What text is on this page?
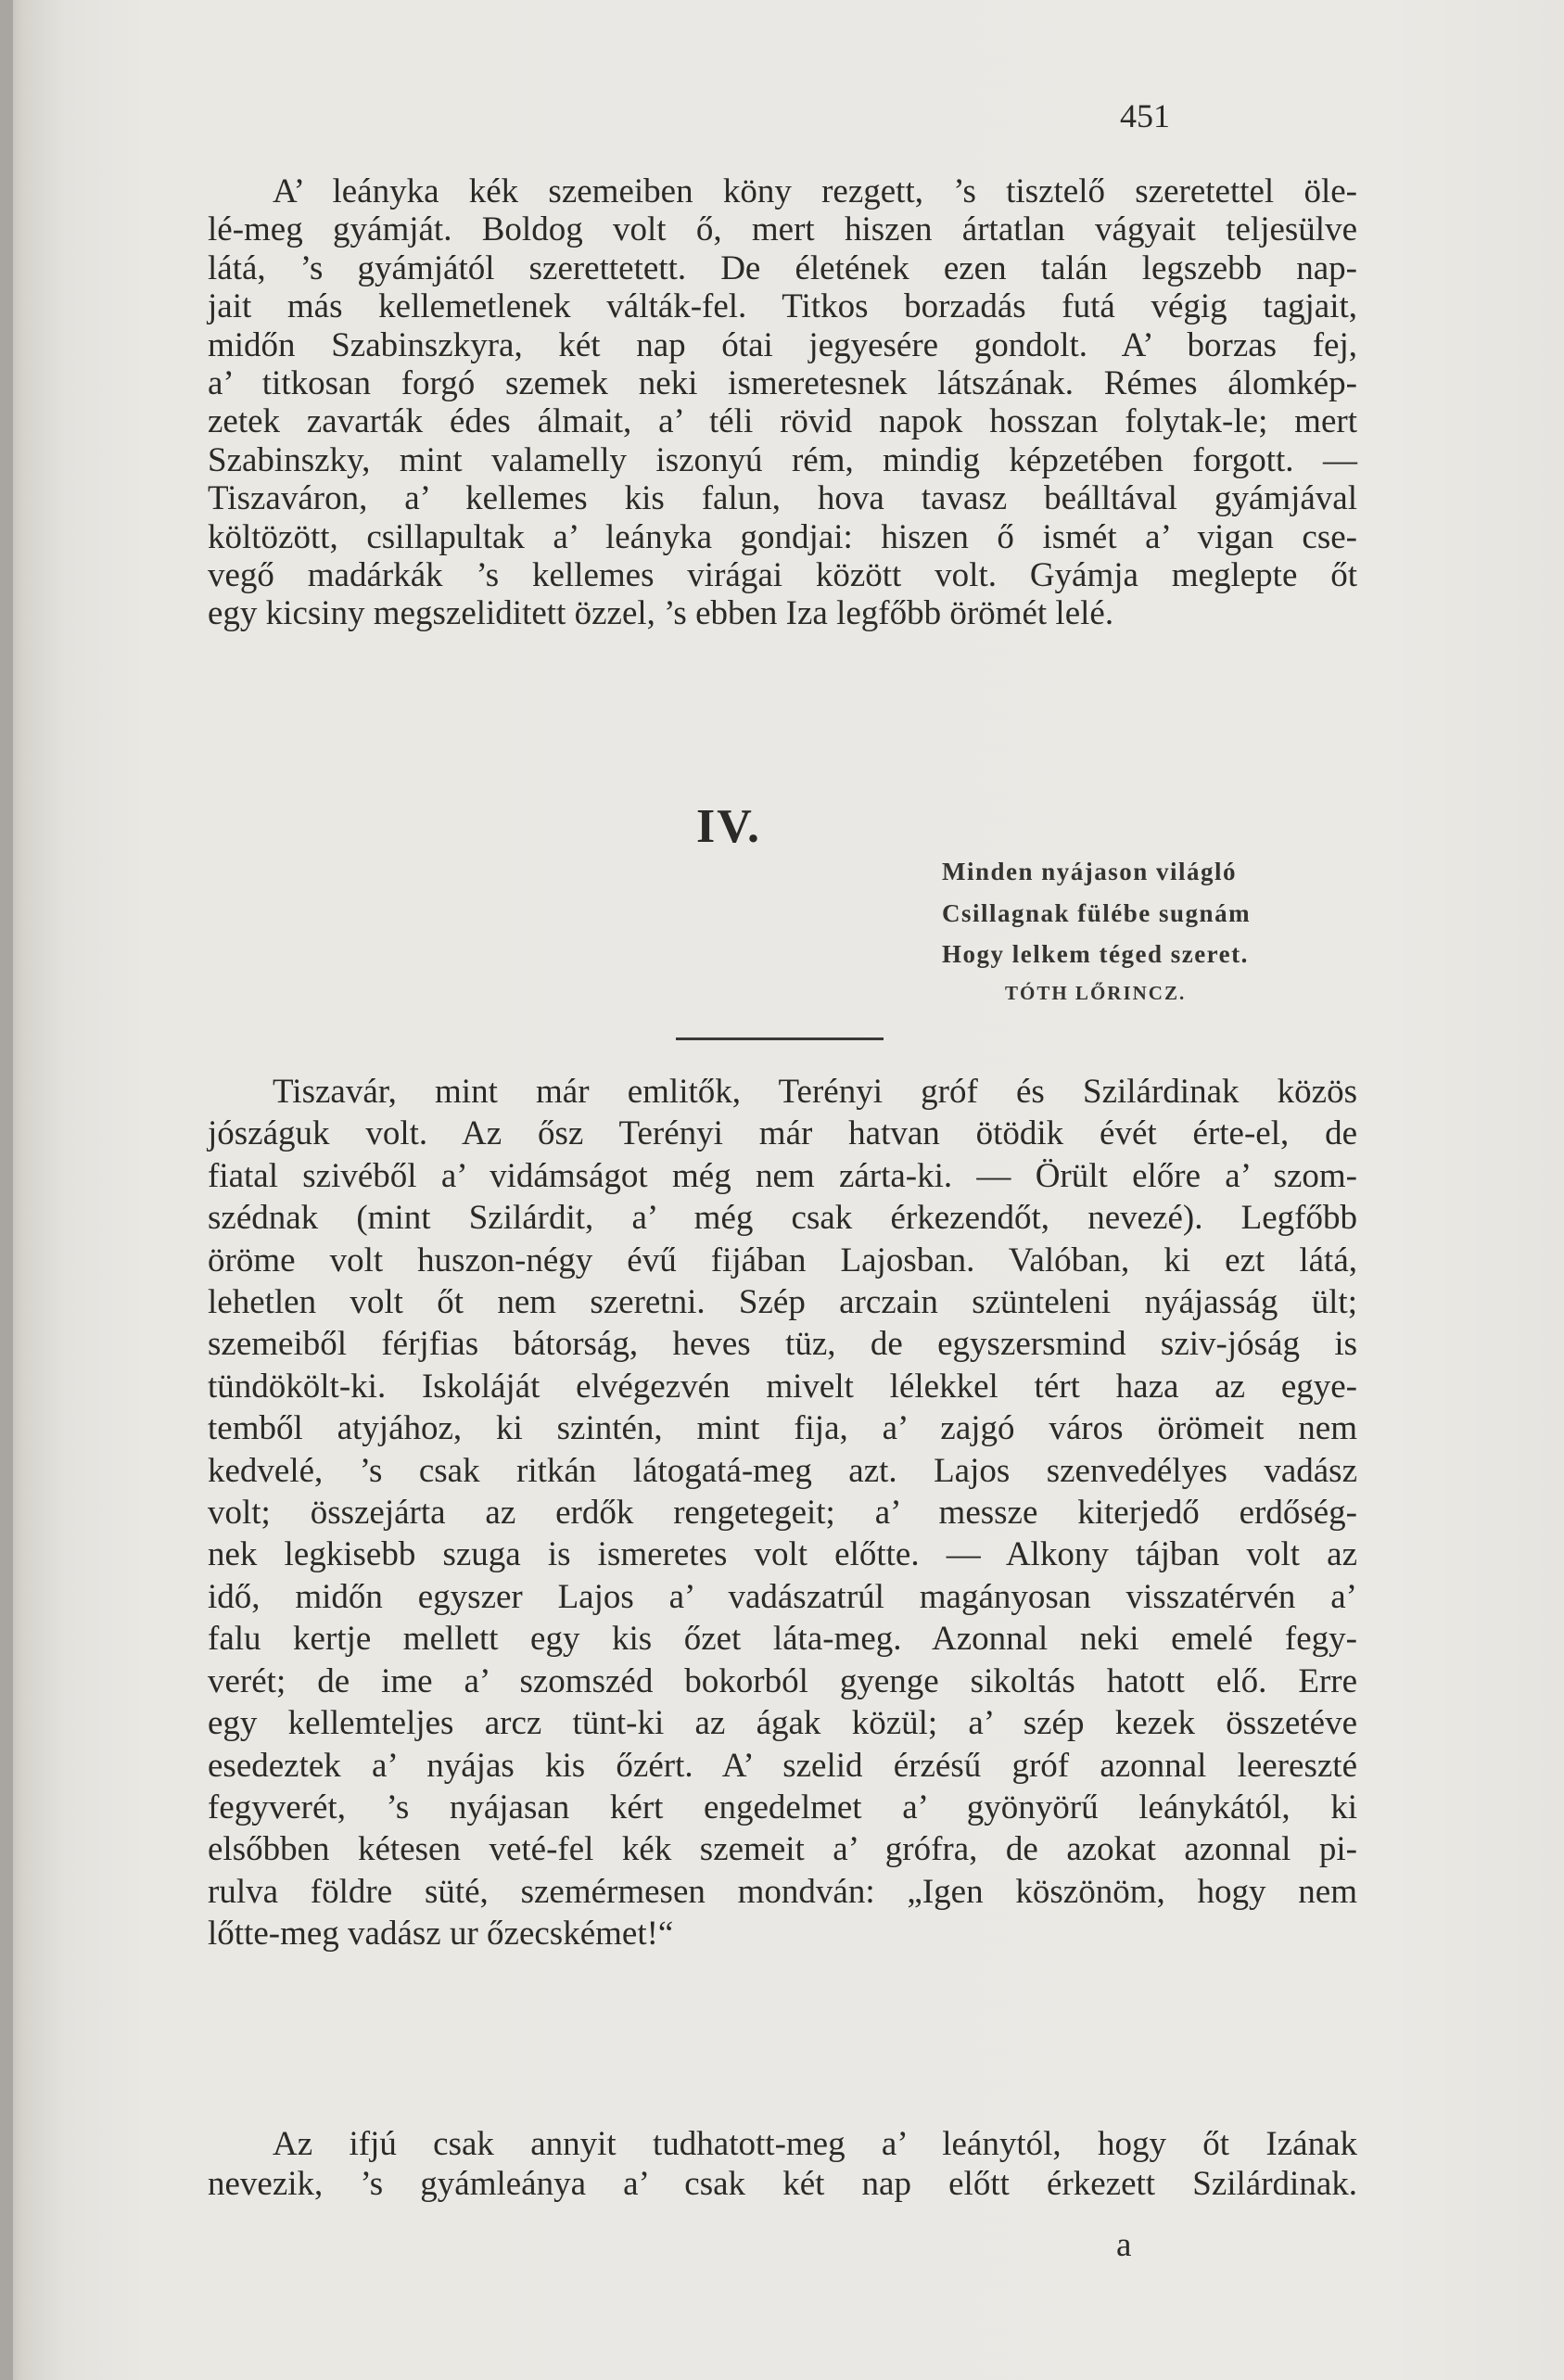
451
A’ leányka kék szemeiben köny rezgett, ’s tisztelő szeretettel öle-
lé-meg gyámját. Boldog volt ő, mert hiszen ártatlan vágyait teljesülve
látá, ’s gyámjától szerettetett. De életének ezen talán legszebb nap-
jait más kellemetlenek válták-fel. Titkos borzadás futá végig tagjait,
midőn Szabinszkyra, két nap ótai jegyesére gondolt. A’ borzas fej,
a’ titkosan forgó szemek neki ismeretesnek látszának. Rémes álomkép-
zetek zavarták édes álmait, a’ téli rövid napok hosszan folytak-le; mert
Szabinszky, mint valamelly iszonyú rém, mindig képzetében forgott. —
Tiszaváron, a’ kellemes kis falun, hova tavasz beálltával gyámjával
költözött, csillapultak a’ leányka gondjai: hiszen ő ismét a’ vigan cse-
vegő madárkák ’s kellemes virágai között volt. Gyámja meglepte őt
egy kicsiny megszeliditett özzel, ’s ebben Iza legfőbb örömét lelé.
IV.
Minden nyájason világló
Csillagnak fülébe sugnám
Hogy lelkem téged szeret.
TÓTH LŐRINCZ.
Tiszavár, mint már emlitők, Terényi gróf és Szilárdinak közös
jószáguk volt. Az ősz Terényi már hatvan ötödik évét érte-el, de
fiatal szivéből a’ vidámságot még nem zárta-ki. — Örült előre a’ szom-
szédnak (mint Szilárdit, a’ még csak érkezendőt, nevezé). Legfőbb
öröme volt huszon-négy évű fijában Lajosban. Valóban, ki ezt látá,
lehetlen volt őt nem szeretni. Szép arczain szünteleni nyájasság ült;
szemeiből férjfias bátorság, heves tüz, de egyszersmind sziv-jóság is
tündökölt-ki. Iskoláját elvégezvén mivelt lélekkel tért haza az egye-
temből atyjához, ki szintén, mint fija, a’ zajgó város örömeit nem
kedvelé, ’s csak ritkán látogatá-meg azt. Lajos szenvedélyes vadász
volt; összejárta az erdők rengetegeit; a’ messze kiterjedő erdőség-
nek legkisebb szuga is ismeretes volt előtte. — Alkony tájban volt az
idő, midőn egyszer Lajos a’ vadászatrúl magányosan visszatérvén a’
falu kertje mellett egy kis őzet láta-meg. Azonnal neki emelé fegy-
verét; de ime a’ szomszéd bokorból gyenge sikoltás hatott elő. Erre
egy kellemteljes arcz tünt-ki az ágak közül; a’ szép kezek összetéve
esedeztek a’ nyájas kis őzért. A’ szelid érzésű gróf azonnal leereszté
fegyverét, ’s nyájasan kért engedelmet a’ gyönyörű leánykától, ki
elsőbben kétesen veté-fel kék szemeit a’ grófra, de azokat azonnal pi-
rulva földre süté, szemérmesen mondván: „Igen köszönöm, hogy nem
lőtte-meg vadász ur őzecskémet!“
Az ifjú csak annyit tudhatott-meg a’ leánytól, hogy őt Izának
nevezik, ’s gyámleánya a’ csak két nap előtt érkezett Szilárdinak.
a
